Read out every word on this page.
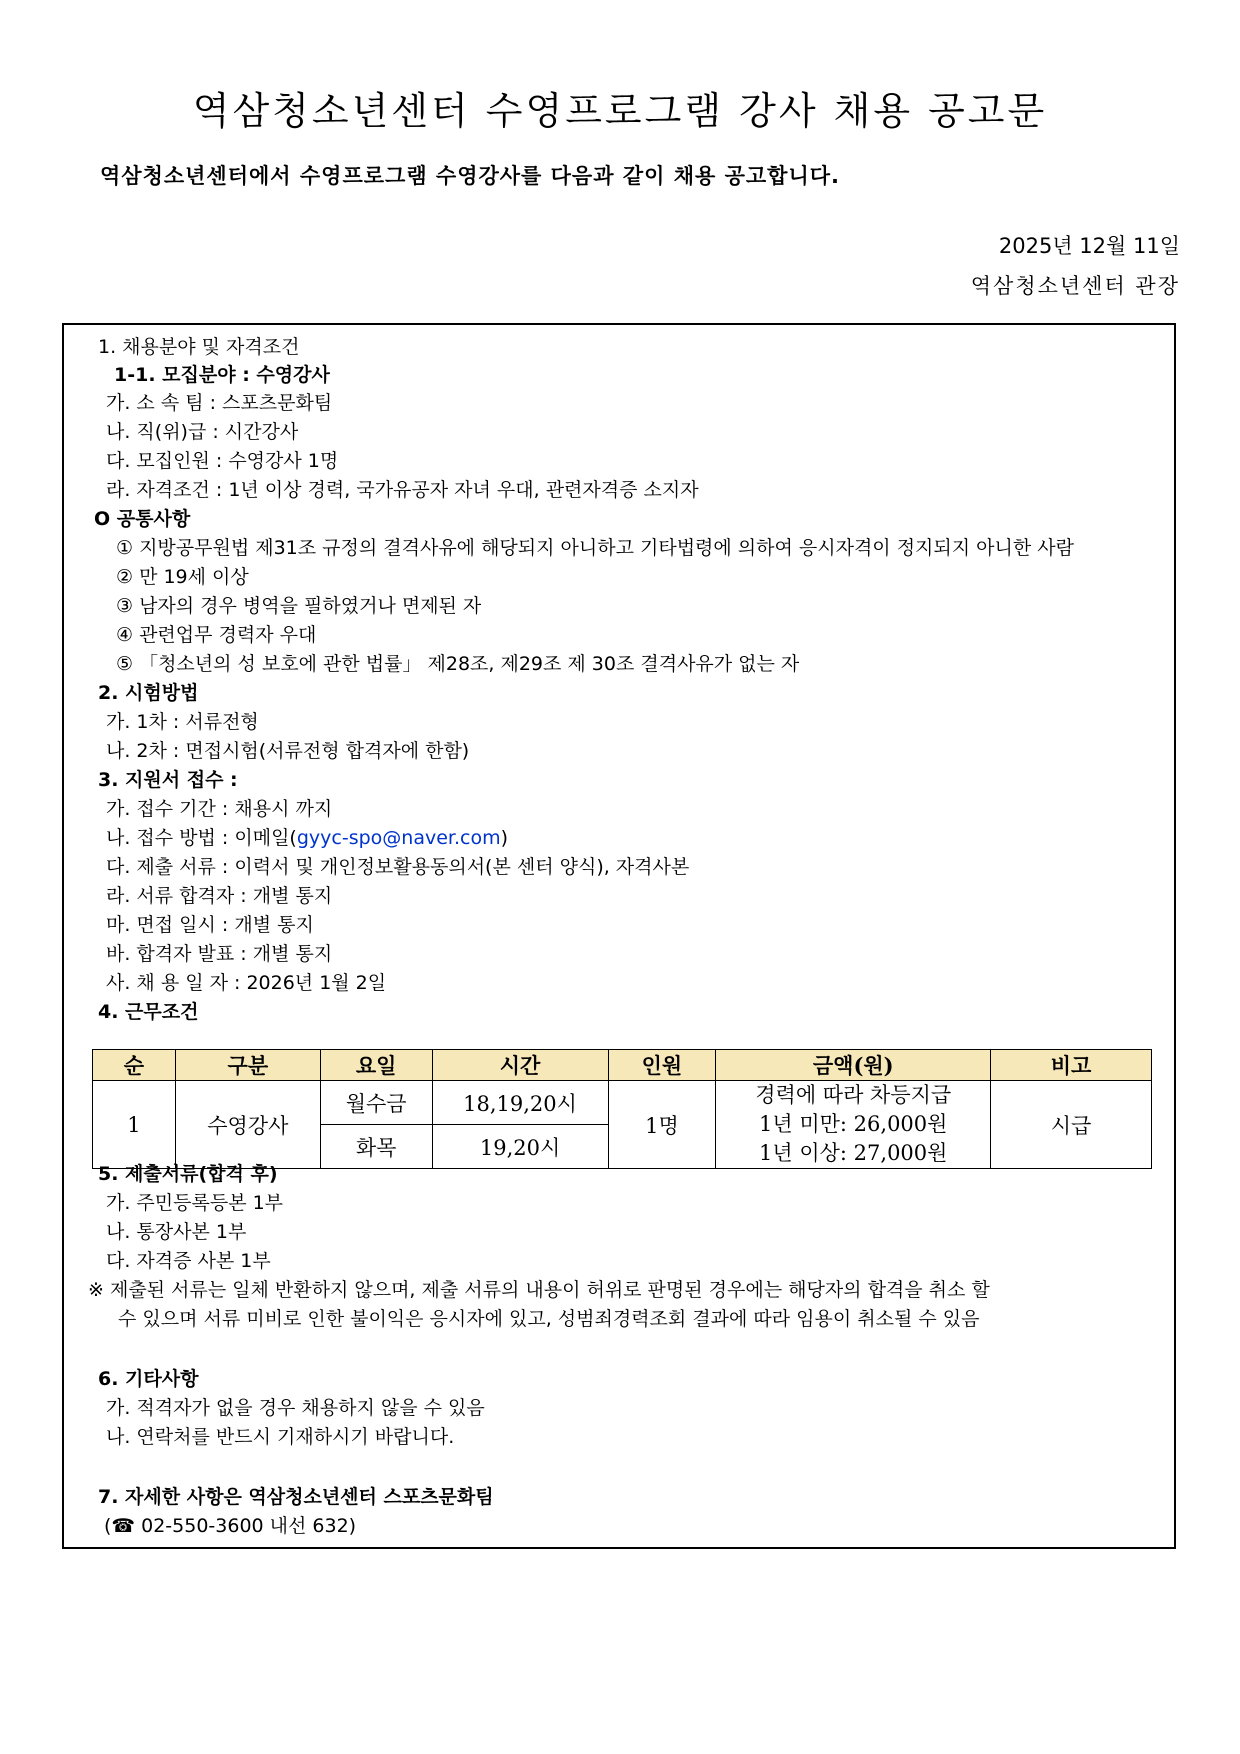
역삼청소년센터 수영프로그램 강사 채용 공고문
역삼청소년센터에서 수영프로그램 수영강사를 다음과 같이 채용 공고합니다.
2025년 12월 11일
역삼청소년센터 관장
1. 채용분야 및 자격조건
1-1. 모집분야 : 수영강사
가. 소 속 팀 : 스포츠문화팀
나. 직(위)급 : 시간강사
다. 모집인원 : 수영강사 1명
라. 자격조건 : 1년 이상 경력, 국가유공자 자녀 우대, 관련자격증 소지자
O 공통사항
① 지방공무원법 제31조 규정의 결격사유에 해당되지 아니하고 기타법령에 의하여 응시자격이 정지되지 아니한 사람
② 만 19세 이상
③ 남자의 경우 병역을 필하였거나 면제된 자
④ 관련업무 경력자 우대
⑤ 「청소년의 성 보호에 관한 법률」 제28조, 제29조 제 30조 결격사유가 없는 자
2. 시험방법
가. 1차 : 서류전형
나. 2차 : 면접시험(서류전형 합격자에 한함)
3. 지원서 접수 :
가. 접수 기간 : 채용시 까지
나. 접수 방법 : 이메일(gyyc-spo@naver.com)
다. 제출 서류 : 이력서 및 개인정보활용동의서(본 센터 양식), 자격사본
라. 서류 합격자 : 개별 통지
마. 면접 일시 : 개별 통지
바. 합격자 발표 : 개별 통지
사. 채 용 일 자 : 2026년 1월 2일
4. 근무조건
순	구분	요일	시간	인원	금액(원)	비고
1	수영강사	월수금	18,19,20시	1명	경력에 따라 차등지급
1년 미만: 26,000원
1년 이상: 27,000원	시급
		화목	19,20시			
5. 제출서류(합격 후)
가. 주민등록등본 1부
나. 통장사본 1부
다. 자격증 사본 1부
※ 제출된 서류는 일체 반환하지 않으며, 제출 서류의 내용이 허위로 판명된 경우에는 해당자의 합격을 취소 할
수 있으며 서류 미비로 인한 불이익은 응시자에 있고, 성범죄경력조회 결과에 따라 임용이 취소될 수 있음
6. 기타사항
가. 적격자가 없을 경우 채용하지 않을 수 있음
나. 연락처를 반드시 기재하시기 바랍니다.
7. 자세한 사항은 역삼청소년센터 스포츠문화팀
(☎ 02-550-3600 내선 632)
